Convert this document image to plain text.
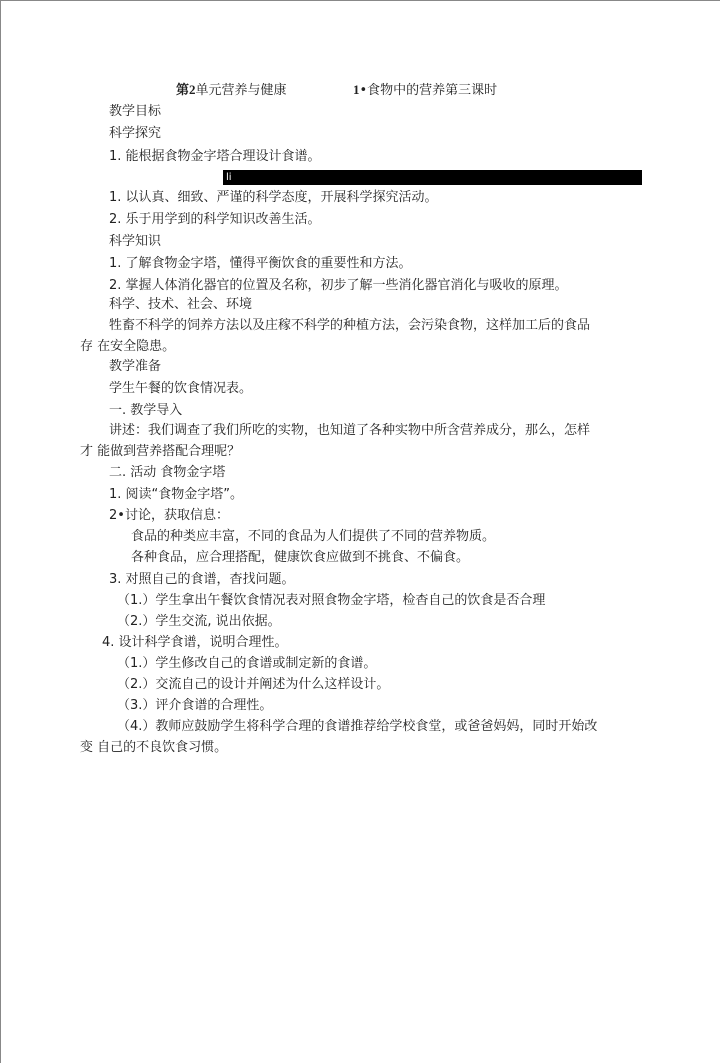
第2单元营养与健康	1•食物中的营养第三课时
教学目标
科学探究
1. 能根据食物金字塔合理设计食谱。
li
1. 以认真、细致、严谨的科学态度，开展科学探究活动。
2. 乐于用学到的科学知识改善生活。
科学知识
1. 了解食物金字塔，懂得平衡饮食的重要性和方法。
2. 掌握人体消化器官的位置及名称，初步了解一些消化器官消化与吸收的原理。
科学、技术、社会、环境
牲畜不科学的饲养方法以及庄稼不科学的种植方法，会污染食物，这样加工后的食品
存 在安全隐患。
教学准备
学生午餐的饮食情况表。
一. 教学导入
讲述：我们调查了我们所吃的实物，也知道了各种实物中所含营养成分，那么，怎样
才 能做到营养搭配合理呢？
二. 活动 食物金字塔
1. 阅读“食物金字塔”。
2•讨论，获取信息：
食品的种类应丰富，不同的食品为人们提供了不同的营养物质。
各种食品，应合理搭配，健康饮食应做到不挑食、不偏食。
3. 对照自己的食谱，杳找问题。
（1.）学生拿出午餐饮食情况表对照食物金字塔，检杳自己的饮食是否合理
（2.）学生交流, 说出依据。
4. 设计科学食谱，说明合理性。
（1.）学生修改自己的食谱或制定新的食谱。
（2.）交流自己的设计并阐述为什么这样设计。
（3.）评介食谱的合理性。
（4.）教师应鼓励学生将科学合理的食谱推荐给学校食堂，或爸爸妈妈，同时开始改
变 自己的不良饮食习惯。
